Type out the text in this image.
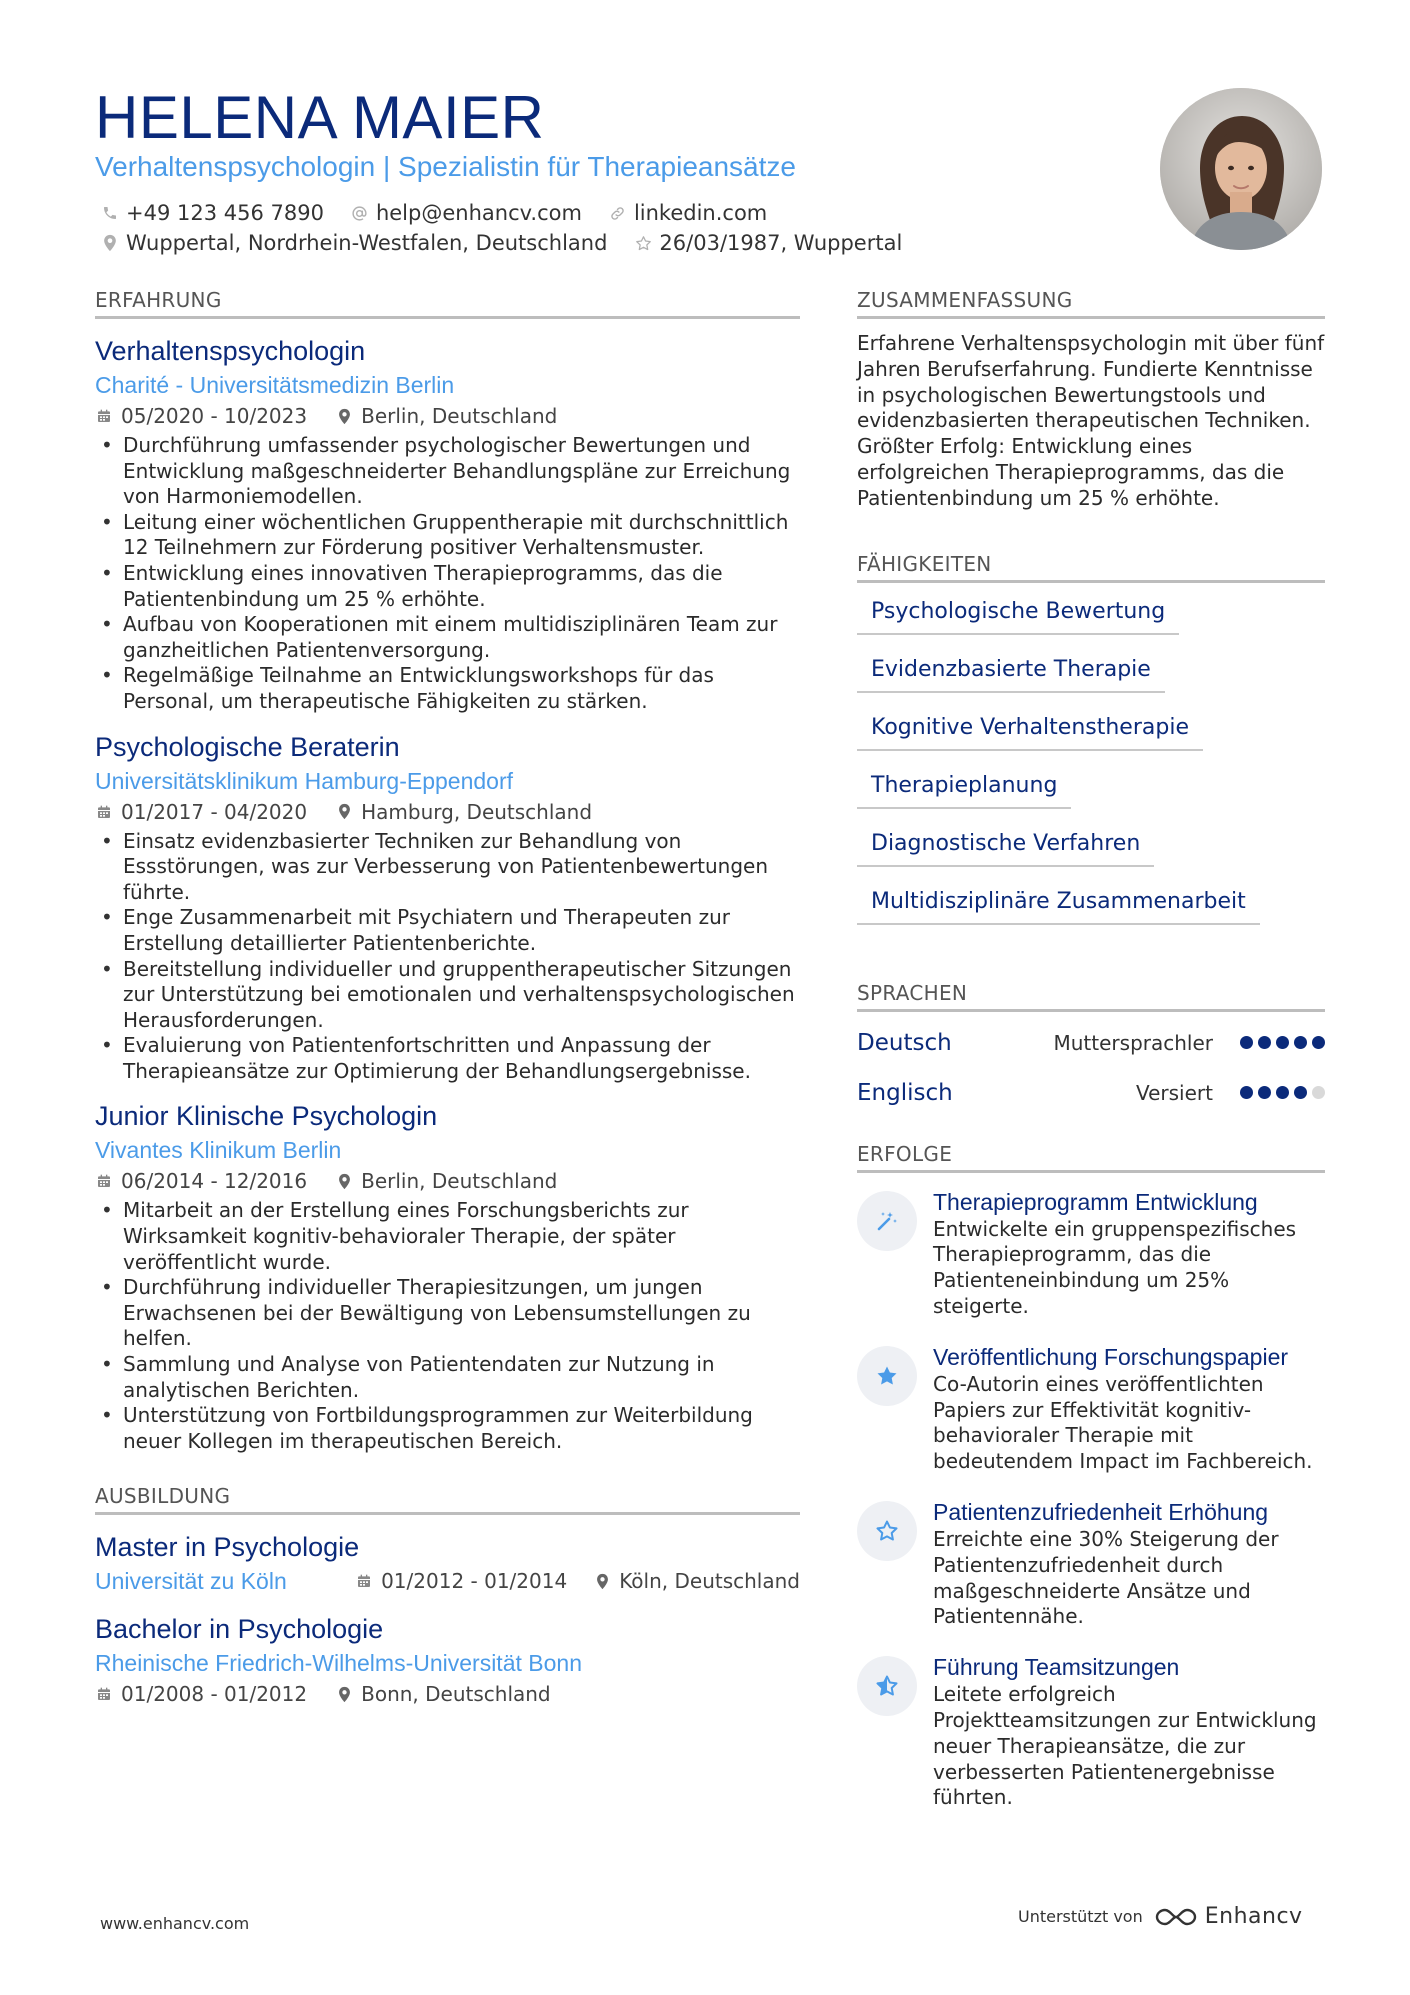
HELENA MAIER
Verhaltenspsychologin | Spezialistin für Therapieansätze
+49 123 456 7890 help@enhancv.com linkedin.com
Wuppertal, Nordrhein-Westfalen, Deutschland 26/03/1987, Wuppertal
ERFAHRUNG
Verhaltenspsychologin
Charité - Universitätsmedizin Berlin
05/2020 - 10/2023	Berlin, Deutschland
• Durchführung umfassender psychologischer Bewertungen und Entwicklung maßgeschneiderter Behandlungspläne zur Erreichung von Harmoniemodellen.
• Leitung einer wöchentlichen Gruppentherapie mit durchschnittlich 12 Teilnehmern zur Förderung positiver Verhaltensmuster.
• Entwicklung eines innovativen Therapieprogramms, das die Patientenbindung um 25 % erhöhte.
• Aufbau von Kooperationen mit einem multidisziplinären Team zur ganzheitlichen Patientenversorgung.
• Regelmäßige Teilnahme an Entwicklungsworkshops für das Personal, um therapeutische Fähigkeiten zu stärken.
Psychologische Beraterin
Universitätsklinikum Hamburg-Eppendorf
01/2017 - 04/2020	Hamburg, Deutschland
• Einsatz evidenzbasierter Techniken zur Behandlung von Essstörungen, was zur Verbesserung von Patientenbewertungen führte.
• Enge Zusammenarbeit mit Psychiatern und Therapeuten zur Erstellung detaillierter Patientenberichte.
• Bereitstellung individueller und gruppentherapeutischer Sitzungen zur Unterstützung bei emotionalen und verhaltenspsychologischen Herausforderungen.
• Evaluierung von Patientenfortschritten und Anpassung der Therapieansätze zur Optimierung der Behandlungsergebnisse.
Junior Klinische Psychologin
Vivantes Klinikum Berlin
06/2014 - 12/2016	Berlin, Deutschland
• Mitarbeit an der Erstellung eines Forschungsberichts zur Wirksamkeit kognitiv-behavioraler Therapie, der später veröffentlicht wurde.
• Durchführung individueller Therapiesitzungen, um jungen Erwachsenen bei der Bewältigung von Lebensumstellungen zu helfen.
• Sammlung und Analyse von Patientendaten zur Nutzung in analytischen Berichten.
• Unterstützung von Fortbildungsprogrammen zur Weiterbildung neuer Kollegen im therapeutischen Bereich.
AUSBILDUNG
Master in Psychologie
Universität zu Köln	01/2012 - 01/2014	Köln, Deutschland
Bachelor in Psychologie
Rheinische Friedrich-Wilhelms-Universität Bonn
01/2008 - 01/2012	Bonn, Deutschland
ZUSAMMENFASSUNG
Erfahrene Verhaltenspsychologin mit über fünf Jahren Berufserfahrung. Fundierte Kenntnisse in psychologischen Bewertungstools und evidenzbasierten therapeutischen Techniken. Größter Erfolg: Entwicklung eines erfolgreichen Therapieprogramms, das die Patientenbindung um 25 % erhöhte.
FÄHIGKEITEN
Psychologische Bewertung
Evidenzbasierte Therapie
Kognitive Verhaltenstherapie
Therapieplanung
Diagnostische Verfahren
Multidisziplinäre Zusammenarbeit
SPRACHEN
Deutsch	Muttersprachler
Englisch	Versiert
ERFOLGE
Therapieprogramm Entwicklung
Entwickelte ein gruppenspezifisches Therapieprogramm, das die Patienteneinbindung um 25% steigerte.
Veröffentlichung Forschungspapier
Co-Autorin eines veröffentlichten Papiers zur Effektivität kognitiv-behavioraler Therapie mit bedeutendem Impact im Fachbereich.
Patientenzufriedenheit Erhöhung
Erreichte eine 30% Steigerung der Patientenzufriedenheit durch maßgeschneiderte Ansätze und Patientennähe.
Führung Teamsitzungen
Leitete erfolgreich Projektteamsitzungen zur Entwicklung neuer Therapieansätze, die zur verbesserten Patientenergebnisse führten.
www.enhancv.com	Unterstützt von	Enhancv
